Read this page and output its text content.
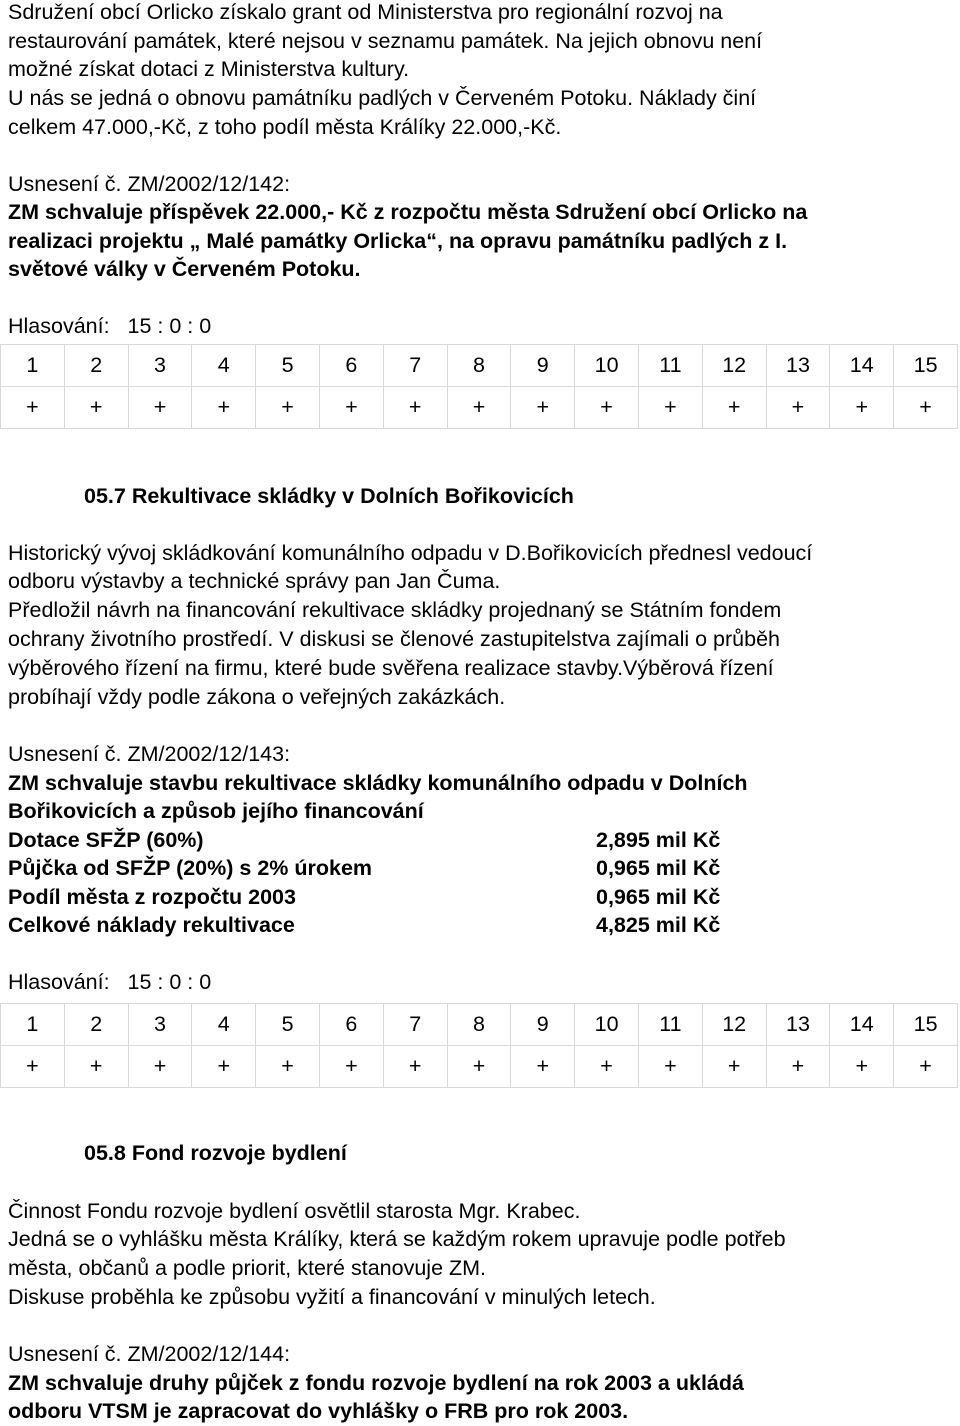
Sdružení obcí Orlicko získalo grant od Ministerstva pro regionální rozvoj na
restaurování památek, které nejsou v seznamu památek. Na jejich obnovu není
možné získat dotaci z Ministerstva kultury.
U nás se jedná o obnovu památníku padlých v Červeném Potoku. Náklady činí
celkem 47.000,-Kč, z toho podíl města Králíky 22.000,-Kč.
Usnesení č. ZM/2002/12/142:
ZM schvaluje příspěvek 22.000,- Kč z rozpočtu města Sdružení obcí Orlicko na
realizaci projektu „ Malé památky Orlicka“, na opravu památníku padlých z I.
světové války v Červeném Potoku.
Hlasování:   15 : 0 : 0
1	2	3	4	5	6	7	8	9	10	11	12	13	14	15
+	+	+	+	+	+	+	+	+	+	+	+	+	+	+
05.7 Rekultivace skládky v Dolních Bořikovicích
Historický vývoj skládkování komunálního odpadu v D.Bořikovicích přednesl vedoucí
odboru výstavby a technické správy pan Jan Čuma.
Předložil návrh na financování rekultivace skládky projednaný se Státním fondem
ochrany životního prostředí. V diskusi se členové zastupitelstva zajímali o průběh
výběrového řízení na firmu, které bude svěřena realizace stavby.Výběrová řízení
probíhají vždy podle zákona o veřejných zakázkách.
Usnesení č. ZM/2002/12/143:
ZM schvaluje stavbu rekultivace skládky komunálního odpadu v Dolních
Bořikovicích a způsob jejího financování
Dotace SFŽP (60%)	2,895 mil Kč
Půjčka od SFŽP (20%) s 2% úrokem	0,965 mil Kč
Podíl města z rozpočtu 2003	0,965 mil Kč
Celkové náklady rekultivace	4,825 mil Kč
Hlasování:   15 : 0 : 0
1	2	3	4	5	6	7	8	9	10	11	12	13	14	15
+	+	+	+	+	+	+	+	+	+	+	+	+	+	+
05.8 Fond rozvoje bydlení
Činnost Fondu rozvoje bydlení osvětlil starosta Mgr. Krabec.
Jedná se o vyhlášku města Králíky, která se každým rokem upravuje podle potřeb
města, občanů a podle priorit, které stanovuje ZM.
Diskuse proběhla ke způsobu vyžití a financování v minulých letech.
Usnesení č. ZM/2002/12/144:
ZM schvaluje druhy půjček z fondu rozvoje bydlení na rok 2003 a ukládá
odboru VTSM je zapracovat do vyhlášky o FRB pro rok 2003.
